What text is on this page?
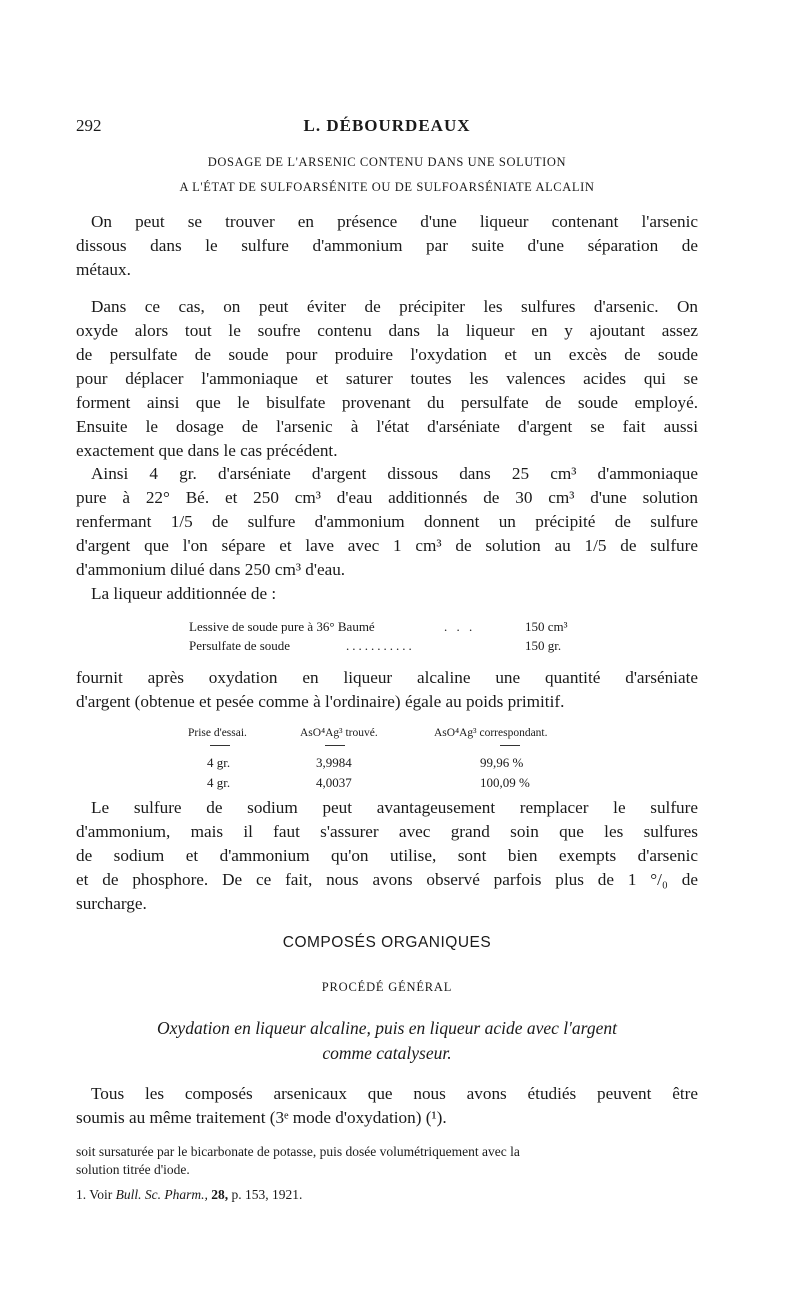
292	L. DÉBOURDEAUX
DOSAGE DE L'ARSENIC CONTENU DANS UNE SOLUTION
A L'ÉTAT DE SULFOARSÉNITE OU DE SULFOARSÉNIATE ALCALIN
On peut se trouver en présence d'une liqueur contenant l'arsenic
dissous dans le sulfure d'ammonium par suite d'une séparation de
métaux.
Dans ce cas, on peut éviter de précipiter les sulfures d'arsenic. On
oxyde alors tout le soufre contenu dans la liqueur en y ajoutant assez
de persulfate de soude pour produire l'oxydation et un excès de soude
pour déplacer l'ammoniaque et saturer toutes les valences acides qui se
forment ainsi que le bisulfate provenant du persulfate de soude employé.
Ensuite le dosage de l'arsenic à l'état d'arséniate d'argent se fait aussi
exactement que dans le cas précédent.
Ainsi 4 gr. d'arséniate d'argent dissous dans 25 cm³ d'ammoniaque
pure à 22° Bé. et 250 cm³ d'eau additionnés de 30 cm³ d'une solution
renfermant 1/5 de sulfure d'ammonium donnent un précipité de sulfure
d'argent que l'on sépare et lave avec 1 cm³ de solution au 1/5 de sulfure
d'ammonium dilué dans 250 cm³ d'eau.
La liqueur additionnée de :
Lessive de soude pure à 36° Baumé	. . .	150 cm³
Persulfate de soude	...........	150 gr.
fournit après oxydation en liqueur alcaline une quantité d'arséniate
d'argent (obtenue et pesée comme à l'ordinaire) égale au poids primitif.
Prise d'essai.	AsO⁴Ag³ trouvé.	AsO⁴Ag³ correspondant.
4 gr.	3,9984	99,96 %
4 gr.	4,0037	100,09 %
Le sulfure de sodium peut avantageusement remplacer le sulfure
d'ammonium, mais il faut s'assurer avec grand soin que les sulfures
de sodium et d'ammonium qu'on utilise, sont bien exempts d'arsenic
et de phosphore. De ce fait, nous avons observé parfois plus de 1 °/₀ de
surcharge.
COMPOSÉS ORGANIQUES
PROCÉDÉ GÉNÉRAL
Oxydation en liqueur alcaline, puis en liqueur acide avec l'argent
comme catalyseur.
Tous les composés arsenicaux que nous avons étudiés peuvent être
soumis au même traitement (3ᵉ mode d'oxydation) (¹).
soit sursaturée par le bicarbonate de potasse, puis dosée volumétriquement avec la
solution titrée d'iode.
1. Voir Bull. Sc. Pharm., 28, p. 153, 1921.
